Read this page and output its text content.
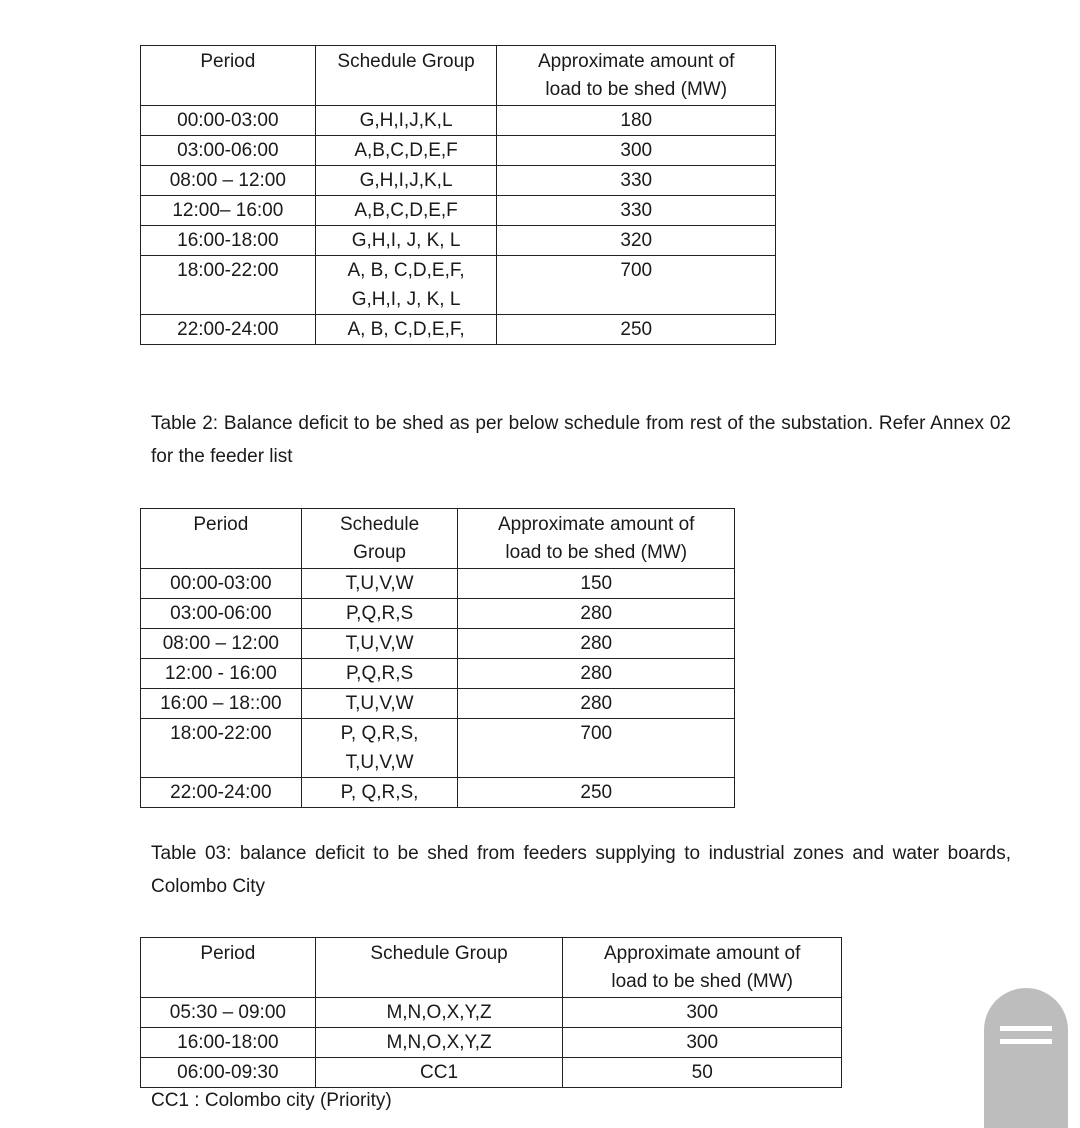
Period	Schedule Group	Approximate amount of
load to be shed (MW)
00:00-03:00	G,H,I,J,K,L	180
03:00-06:00	A,B,C,D,E,F	300
08:00 – 12:00	G,H,I,J,K,L	330
12:00– 16:00	A,B,C,D,E,F	330
16:00-18:00	G,H,I, J, K, L	320
18:00-22:00	A, B, C,D,E,F,
G,H,I, J, K, L	700
22:00-24:00	A, B, C,D,E,F,	250
Table 2: Balance deficit to be shed as per below schedule from rest of the substation. Refer Annex 02 for the feeder list
Period	Schedule
Group	Approximate amount of
load to be shed (MW)
00:00-03:00	T,U,V,W	150
03:00-06:00	P,Q,R,S	280
08:00 – 12:00	T,U,V,W	280
12:00 - 16:00	P,Q,R,S	280
16:00 – 18::00	T,U,V,W	280
18:00-22:00	P, Q,R,S,
T,U,V,W	700
22:00-24:00	P, Q,R,S,	250
Table 03: balance deficit to be shed from feeders supplying to industrial zones and water boards, Colombo City
Period	Schedule Group	Approximate amount of
load to be shed (MW)
05:30 – 09:00	M,N,O,X,Y,Z	300
16:00-18:00	M,N,O,X,Y,Z	300
06:00-09:30	CC1	50
CC1 : Colombo city (Priority)
